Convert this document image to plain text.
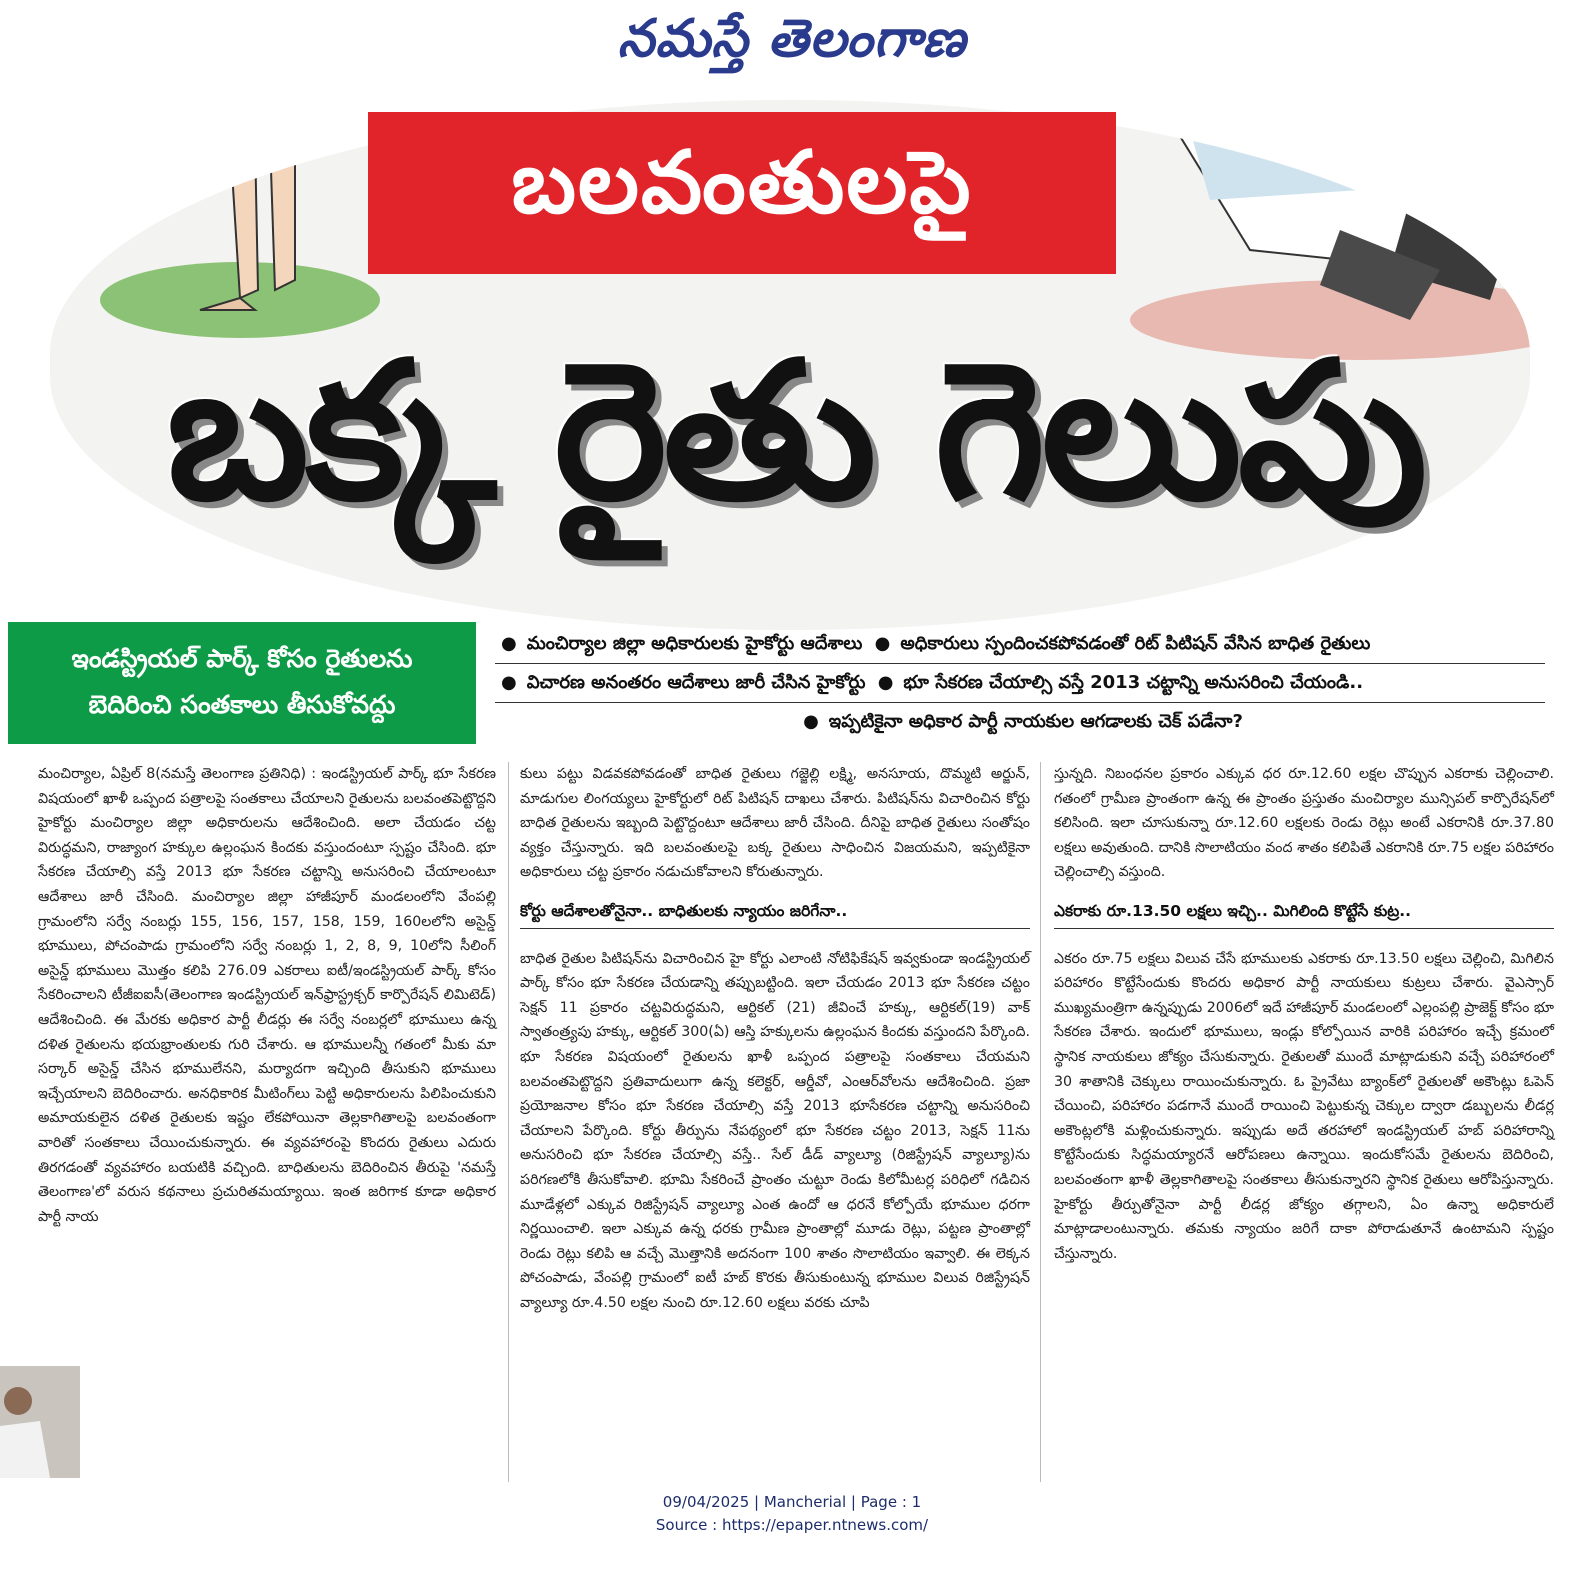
నమస్తే తెలంగాణ
బలవంతులపై
బక్క రైతు గెలుపు
ఇండస్ట్రియల్ పార్క్ కోసం రైతులను
బెదిరించి సంతకాలు తీసుకోవద్దు
● మంచిర్యాల జిల్లా అధికారులకు హైకోర్టు ఆదేశాలు ● అధికారులు స్పందించకపోవడంతో రిట్ పిటిషన్ వేసిన బాధిత రైతులు
● విచారణ అనంతరం ఆదేశాలు జారీ చేసిన హైకోర్టు ● భూ సేకరణ చేయాల్సి వస్తే 2013 చట్టాన్ని అనుసరించి చేయండి..
● ఇప్పటికైనా అధికార పార్టీ నాయకుల ఆగడాలకు చెక్ పడేనా?

మంచిర్యాల, ఏప్రిల్ 8(నమస్తే తెలంగాణ ప్రతినిధి) : ఇండస్ట్రియల్ పార్క్ భూ సేకరణ విషయంలో ఖాళీ ఒప్పంద పత్రాలపై సంతకాలు చేయాలని రైతులను బలవంతపెట్టొద్దని హైకోర్టు మంచిర్యాల జిల్లా అధికారులను ఆదేశించింది. అలా చేయడం చట్ట విరుద్ధమని, రాజ్యాంగ హక్కుల ఉల్లంఘన కిందకు వస్తుందంటూ స్పష్టం చేసింది. భూ సేకరణ చేయాల్సి వస్తే 2013 భూ సేకరణ చట్టాన్ని అనుసరించి చేయాలంటూ ఆదేశాలు జారీ చేసింది. మంచిర్యాల జిల్లా హాజీపూర్ మండలంలోని వేంపల్లి గ్రామంలోని సర్వే నంబర్లు 155, 156, 157, 158, 159, 160లలోని అసైన్డ్ భూములు, పోచంపాడు గ్రామంలోని సర్వే నంబర్లు 1, 2, 8, 9, 10లోని సీలింగ్ అసైన్డ్ భూములు మొత్తం కలిపి 276.09 ఎకరాలు ఐటీ/ఇండస్ట్రియల్ పార్క్ కోసం సేకరించాలని టీజీఐఐసీ(తెలంగాణ ఇండస్ట్రియల్ ఇన్‌ఫ్రాస్ట్రక్చర్ కార్పొరేషన్ లిమిటెడ్) ఆదేశించింది. ఈ మేరకు అధికార పార్టీ లీడర్లు ఈ సర్వే నంబర్లలో భూములు ఉన్న దళిత రైతులను భయభ్రాంతులకు గురి చేశారు. ఆ భూములన్నీ గతంలో మీకు మా సర్కార్ అసైన్డ్ చేసిన భూములేనని, మర్యాదగా ఇచ్చింది తీసుకుని భూములు ఇచ్చేయాలని బెదిరించారు. అనధికారిక మీటింగ్‌లు పెట్టి అధికారులను పిలిపించుకుని అమాయకులైన దళిత రైతులకు ఇష్టం లేకపోయినా తెల్లకాగితాలపై బలవంతంగా వారితో సంతకాలు చేయించుకున్నారు. ఈ వ్యవహారంపై కొందరు రైతులు ఎదురు తిరగడంతో వ్యవహారం బయటికి వచ్చింది. బాధితులను బెదిరించిన తీరుపై 'నమస్తే తెలంగాణ'లో వరుస కథనాలు ప్రచురితమయ్యాయి. ఇంత జరిగాక కూడా అధికార పార్టీ నాయ

కులు పట్టు విడవకపోవడంతో బాధిత రైతులు గజ్జెల్లి లక్ష్మి, అనసూయ, దొమ్మటి అర్జున్, మాడుగుల లింగయ్యలు హైకోర్టులో రిట్ పిటిషన్ దాఖలు చేశారు. పిటిషన్‌ను విచారించిన కోర్టు బాధిత రైతులను ఇబ్బంది పెట్టొద్దంటూ ఆదేశాలు జారీ చేసింది. దీనిపై బాధిత రైతులు సంతోషం వ్యక్తం చేస్తున్నారు. ఇది బలవంతులపై బక్క రైతులు సాధించిన విజయమని, ఇప్పటికైనా అధికారులు చట్ట ప్రకారం నడుచుకోవాలని కోరుతున్నారు.

కోర్టు ఆదేశాలతోనైనా.. బాధితులకు న్యాయం జరిగేనా..

బాధిత రైతుల పిటిషన్‌ను విచారించిన హై కోర్టు ఎలాంటి నోటిఫికేషన్ ఇవ్వకుండా ఇండస్ట్రియల్ పార్క్ కోసం భూ సేకరణ చేయడాన్ని తప్పుబట్టింది. ఇలా చేయడం 2013 భూ సేకరణ చట్టం సెక్షన్ 11 ప్రకారం చట్టవిరుద్ధమని, ఆర్టికల్ (21) జీవించే హక్కు, ఆర్టికల్(19) వాక్ స్వాతంత్ర్యపు హక్కు, ఆర్టికల్ 300(ఏ) ఆస్తి హక్కులను ఉల్లంఘన కిందకు వస్తుందని పేర్కొంది. భూ సేకరణ విషయంలో రైతులను ఖాళీ ఒప్పంద పత్రాలపై సంతకాలు చేయమని బలవంతపెట్టొద్దని ప్రతివాదులుగా ఉన్న కలెక్టర్, ఆర్డీవో, ఎంఆర్‌వోలను ఆదేశించింది. ప్రజా ప్రయోజనాల కోసం భూ సేకరణ చేయాల్సి వస్తే 2013 భూసేకరణ చట్టాన్ని అనుసరించి చేయాలని పేర్కొంది. కోర్టు తీర్పును నేపథ్యంలో భూ సేకరణ చట్టం 2013, సెక్షన్ 11ను అనుసరించి భూ సేకరణ చేయాల్సి వస్తే.. సేల్ డీడ్ వ్యాల్యూ (రిజిస్ట్రేషన్ వ్యాల్యూ)ను పరిగణలోకి తీసుకోవాలి. భూమి సేకరించే ప్రాంతం చుట్టూ రెండు కిలోమీటర్ల పరిధిలో గడిచిన మూడేళ్లలో ఎక్కువ రిజిస్ట్రేషన్ వ్యాల్యూ ఎంత ఉందో ఆ ధరనే కోల్పోయే భూముల ధరగా నిర్ణయించాలి. ఇలా ఎక్కువ ఉన్న ధరకు గ్రామీణ ప్రాంతాల్లో మూడు రెట్లు, పట్టణ ప్రాంతాల్లో రెండు రెట్లు కలిపి ఆ వచ్చే మొత్తానికి అదనంగా 100 శాతం సొలాటియం ఇవ్వాలి. ఈ లెక్కన పోచంపాడు, వేంపల్లి గ్రామంలో ఐటీ హబ్ కొరకు తీసుకుంటున్న భూముల విలువ రిజిస్ట్రేషన్ వ్యాల్యూ రూ.4.50 లక్షల నుంచి రూ.12.60 లక్షలు వరకు చూపి

స్తున్నది. నిబంధనల ప్రకారం ఎక్కువ ధర రూ.12.60 లక్షల చొప్పున ఎకరాకు చెల్లించాలి. గతంలో గ్రామీణ ప్రాంతంగా ఉన్న ఈ ప్రాంతం ప్రస్తుతం మంచిర్యాల మున్సిపల్ కార్పొరేషన్‌లో కలిసింది. ఇలా చూసుకున్నా రూ.12.60 లక్షలకు రెండు రెట్లు అంటే ఎకరానికి రూ.37.80 లక్షలు అవుతుంది. దానికి సొలాటియం వంద శాతం కలిపితే ఎకరానికి రూ.75 లక్షల పరిహారం చెల్లించాల్సి వస్తుంది.

ఎకరాకు రూ.13.50 లక్షలు ఇచ్చి.. మిగిలింది కొట్టేసే కుట్ర..

ఎకరం రూ.75 లక్షలు విలువ చేసే భూములకు ఎకరాకు రూ.13.50 లక్షలు చెల్లించి, మిగిలిన పరిహారం కొట్టేసేందుకు కొందరు అధికార పార్టీ నాయకులు కుట్రలు చేశారు. వైఎస్సార్ ముఖ్యమంత్రిగా ఉన్నప్పుడు 2006లో ఇదే హాజీపూర్ మండలంలో ఎల్లంపల్లి ప్రాజెక్ట్ కోసం భూ సేకరణ చేశారు. ఇందులో భూములు, ఇండ్లు కోల్పోయిన వారికి పరిహారం ఇచ్చే క్రమంలో స్థానిక నాయకులు జోక్యం చేసుకున్నారు. రైతులతో ముందే మాట్లాడుకుని వచ్చే పరిహారంలో 30 శాతానికి చెక్కులు రాయించుకున్నారు. ఓ ప్రైవేటు బ్యాంక్‌లో రైతులతో అకౌంట్లు ఓపెన్ చేయించి, పరిహారం పడగానే ముందే రాయించి పెట్టుకున్న చెక్కుల ద్వారా డబ్బులను లీడర్ల అకౌంట్లలోకి మళ్లించుకున్నారు. ఇప్పుడు అదే తరహాలో ఇండస్ట్రియల్ హబ్ పరిహారాన్ని కొట్టేసేందుకు సిద్ధమయ్యారనే ఆరోపణలు ఉన్నాయి. ఇందుకోసమే రైతులను బెదిరించి, బలవంతంగా ఖాళీ తెల్లకాగితాలపై సంతకాలు తీసుకున్నారని స్థానిక రైతులు ఆరోపిస్తున్నారు. హైకోర్టు తీర్పుతోనైనా పార్టీ లీడర్ల జోక్యం తగ్గాలని, ఏం ఉన్నా అధికారులే మాట్లాడాలంటున్నారు. తమకు న్యాయం జరిగే దాకా పోరాడుతూనే ఉంటామని స్పష్టం చేస్తున్నారు.

09/04/2025 | Mancherial | Page : 1
Source : https://epaper.ntnews.com/
